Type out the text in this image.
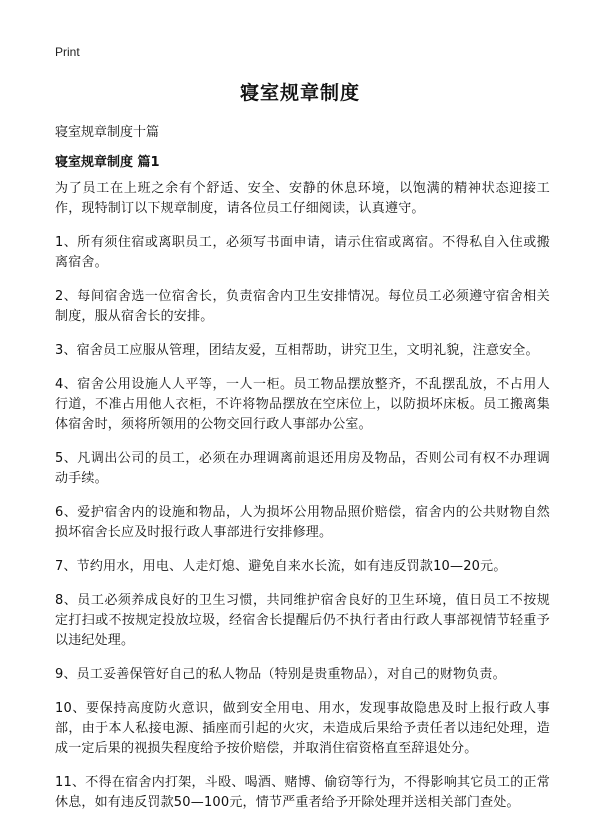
Print
寝室规章制度

寝室规章制度十篇

寝室规章制度 篇1

为了员工在上班之余有个舒适、安全、安静的休息环境，以饱满的精神状态迎接工作，现特制订以下规章制度，请各位员工仔细阅读，认真遵守。

1、所有须住宿或离职员工，必须写书面申请，请示住宿或离宿。不得私自入住或搬离宿舍。

2、每间宿舍选一位宿舍长，负责宿舍内卫生安排情况。每位员工必须遵守宿舍相关制度，服从宿舍长的安排。

3、宿舍员工应服从管理，团结友爱，互相帮助，讲究卫生，文明礼貌，注意安全。

4、宿舍公用设施人人平等，一人一柜。员工物品摆放整齐，不乱摆乱放，不占用人行道，不准占用他人衣柜，不许将物品摆放在空床位上，以防损坏床板。员工搬离集体宿舍时，须将所领用的公物交回行政人事部办公室。

5、凡调出公司的员工，必须在办理调离前退还用房及物品，否则公司有权不办理调动手续。

6、爱护宿舍内的设施和物品，人为损坏公用物品照价赔偿，宿舍内的公共财物自然损坏宿舍长应及时报行政人事部进行安排修理。

7、节约用水，用电、人走灯熄、避免自来水长流，如有违反罚款10—20元。

8、员工必须养成良好的卫生习惯，共同维护宿舍良好的卫生环境，值日员工不按规定打扫或不按规定投放垃圾，经宿舍长提醒后仍不执行者由行政人事部视情节轻重予以违纪处理。

9、员工妥善保管好自己的私人物品（特别是贵重物品），对自己的财物负责。

10、要保持高度防火意识，做到安全用电、用水，发现事故隐患及时上报行政人事部，由于本人私接电源、插座而引起的火灾，未造成后果给予责任者以违纪处理，造成一定后果的视损失程度给予按价赔偿，并取消住宿资格直至辞退处分。

11、不得在宿舍内打架，斗殴、喝酒、赌博、偷窃等行为，不得影响其它员工的正常休息，如有违反罚款50—100元，情节严重者给予开除处理并送相关部门查处。
